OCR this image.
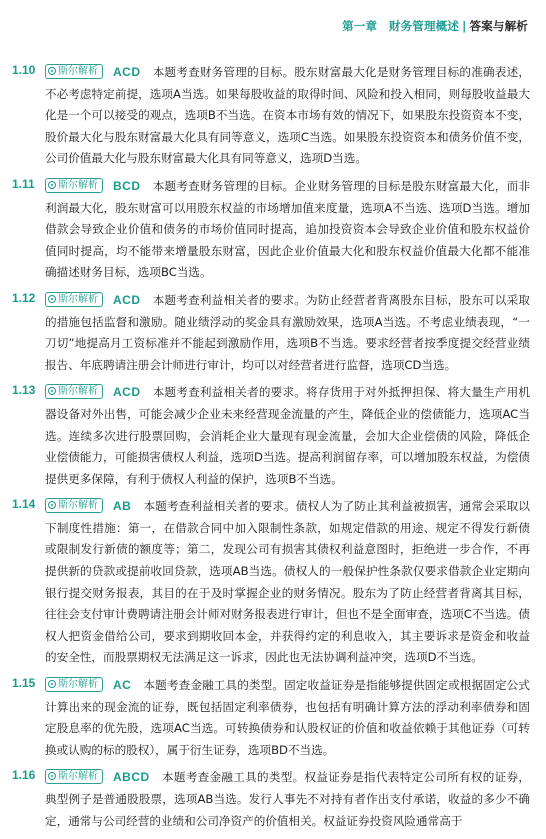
第一章　财务管理概述 | 答案与解析
1.10	斯尔解析 ACD 本题考查财务管理的目标。股东财富最大化是财务管理目标的准确表述，不必考虑特定前提，选项A当选。如果每股收益的取得时间、风险和投入相同，则每股收益最大化是一个可以接受的观点，选项B不当选。在资本市场有效的情况下，如果股东投资资本不变，股价最大化与股东财富最大化具有同等意义，选项C当选。如果股东投资资本和债务价值不变，公司价值最大化与股东财富最大化具有同等意义，选项D当选。
1.11	斯尔解析 BCD 本题考查财务管理的目标。企业财务管理的目标是股东财富最大化，而非利润最大化，股东财富可以用股东权益的市场增加值来度量，选项A不当选、选项D当选。增加借款会导致企业价值和债务的市场价值同时提高，追加投资资本会导致企业价值和股东权益价值同时提高，均不能带来增量股东财富，因此企业价值最大化和股东权益价值最大化都不能准确描述财务目标，选项BC当选。
1.12	斯尔解析 ACD 本题考查利益相关者的要求。为防止经营者背离股东目标，股东可以采取的措施包括监督和激励。随业绩浮动的奖金具有激励效果，选项A当选。不考虑业绩表现，“一刀切”地提高月工资标准并不能起到激励作用，选项B不当选。要求经营者按季度提交经营业绩报告、年底聘请注册会计师进行审计，均可以对经营者进行监督，选项CD当选。
1.13	斯尔解析 ACD 本题考查利益相关者的要求。将存货用于对外抵押担保、将大量生产用机器设备对外出售，可能会减少企业未来经营现金流量的产生，降低企业的偿债能力，选项AC当选。连续多次进行股票回购，会消耗企业大量现有现金流量，会加大企业偿债的风险，降低企业偿债能力，可能损害债权人利益，选项D当选。提高利润留存率，可以增加股东权益，为偿债提供更多保障，有利于债权人利益的保护，选项B不当选。
1.14	斯尔解析 AB 本题考查利益相关者的要求。债权人为了防止其利益被损害，通常会采取以下制度性措施：第一，在借款合同中加入限制性条款，如规定借款的用途、规定不得发行新债或限制发行新债的额度等；第二，发现公司有损害其债权利益意图时，拒绝进一步合作，不再提供新的贷款或提前收回贷款，选项AB当选。债权人的一般保护性条款仅要求借款企业定期向银行提交财务报表，其目的在于及时掌握企业的财务情况。股东为了防止经营者背离其目标，往往会支付审计费聘请注册会计师对财务报表进行审计，但也不是全面审查，选项C不当选。债权人把资金借给公司，要求到期收回本金，并获得约定的利息收入，其主要诉求是资金和收益的安全性，而股票期权无法满足这一诉求，因此也无法协调利益冲突，选项D不当选。
1.15	斯尔解析 AC 本题考查金融工具的类型。固定收益证券是指能够提供固定或根据固定公式计算出来的现金流的证券，既包括固定利率债券，也包括有明确计算方法的浮动利率债券和固定股息率的优先股，选项AC当选。可转换债券和认股权证的价值和收益依赖于其他证券（可转换或认购的标的股权），属于衍生证券，选项BD不当选。
1.16	斯尔解析 ABCD 本题考查金融工具的类型。权益证券是指代表特定公司所有权的证券，典型例子是普通股股票，选项AB当选。发行人事先不对持有者作出支付承诺，收益的多少不确定，通常与公司经营的业绩和公司净资产的价值相关。权益证券投资风险通常高于
